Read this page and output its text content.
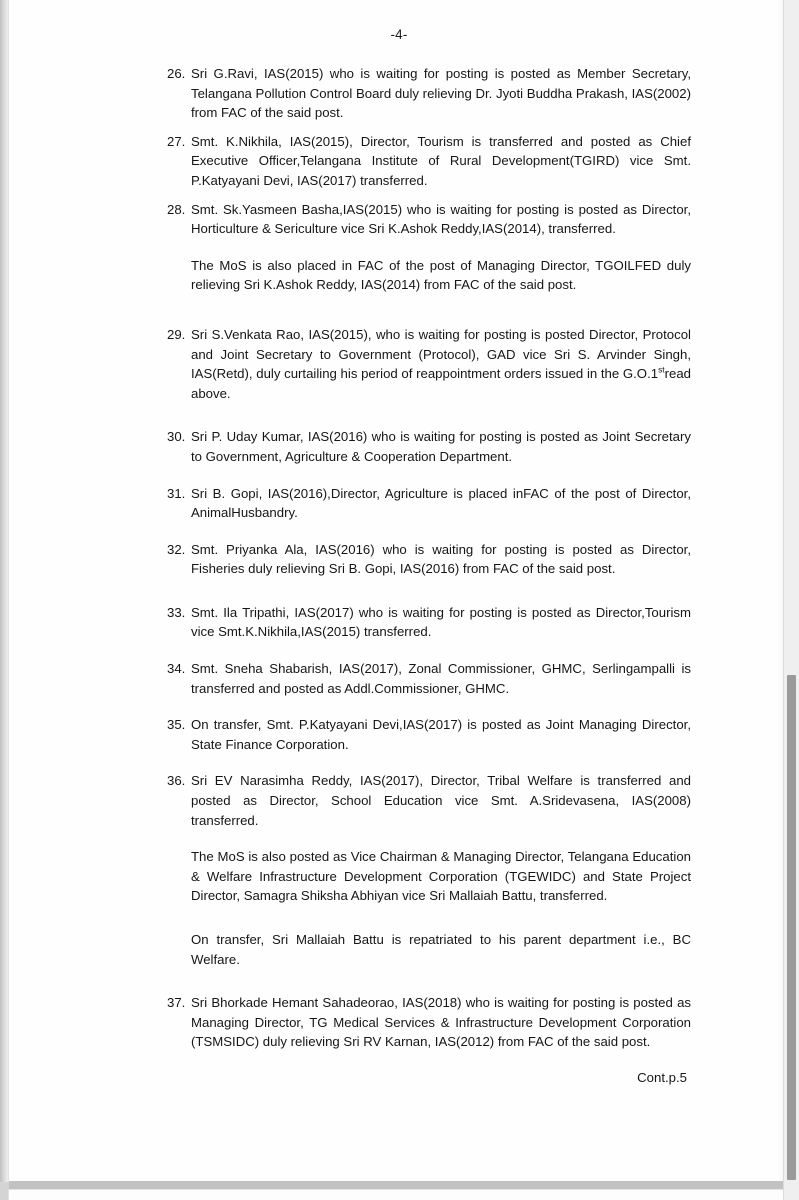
-4-
26. Sri G.Ravi, IAS(2015) who is waiting for posting is posted as Member Secretary, Telangana Pollution Control Board duly relieving Dr. Jyoti Buddha Prakash, IAS(2002) from FAC of the said post.
27. Smt. K.Nikhila, IAS(2015), Director, Tourism is transferred and posted as Chief Executive Officer,Telangana Institute of Rural Development(TGIRD) vice Smt. P.Katyayani Devi, IAS(2017) transferred.
28. Smt. Sk.Yasmeen Basha,IAS(2015) who is waiting for posting is posted as Director, Horticulture & Sericulture vice Sri K.Ashok Reddy,IAS(2014), transferred.

The MoS is also placed in FAC of the post of Managing Director, TGOILFED duly relieving Sri K.Ashok Reddy, IAS(2014) from FAC of the said post.

29. Sri S.Venkata Rao, IAS(2015), who is waiting for posting is posted Director, Protocol and Joint Secretary to Government (Protocol), GAD vice Sri S. Arvinder Singh, IAS(Retd), duly curtailing his period of reappointment orders issued in the G.O.1stread above.
30. Sri P. Uday Kumar, IAS(2016) who is waiting for posting is posted as Joint Secretary to Government, Agriculture & Cooperation Department.
31. Sri B. Gopi, IAS(2016),Director, Agriculture is placed inFAC of the post of Director, AnimalHusbandry.
32. Smt. Priyanka Ala, IAS(2016) who is waiting for posting is posted as Director, Fisheries duly relieving Sri B. Gopi, IAS(2016) from FAC of the said post.
33. Smt. Ila Tripathi, IAS(2017) who is waiting for posting is posted as Director,Tourism vice Smt.K.Nikhila,IAS(2015) transferred.
34. Smt. Sneha Shabarish, IAS(2017), Zonal Commissioner, GHMC, Serlingampalli is transferred and posted as Addl.Commissioner, GHMC.
35. On transfer, Smt. P.Katyayani Devi,IAS(2017) is posted as Joint Managing Director, State Finance Corporation.
36. Sri EV Narasimha Reddy, IAS(2017), Director, Tribal Welfare is transferred and posted as Director, School Education vice Smt. A.Sridevasena, IAS(2008) transferred.

The MoS is also posted as Vice Chairman & Managing Director, Telangana Education & Welfare Infrastructure Development Corporation (TGEWIDC) and State Project Director, Samagra Shiksha Abhiyan vice Sri Mallaiah Battu, transferred.

On transfer, Sri Mallaiah Battu is repatriated to his parent department i.e., BC Welfare.

37. Sri Bhorkade Hemant Sahadeorao, IAS(2018) who is waiting for posting is posted as Managing Director, TG Medical Services & Infrastructure Development Corporation (TSMSIDC) duly relieving Sri RV Karnan, IAS(2012) from FAC of the said post.
Cont.p.5
